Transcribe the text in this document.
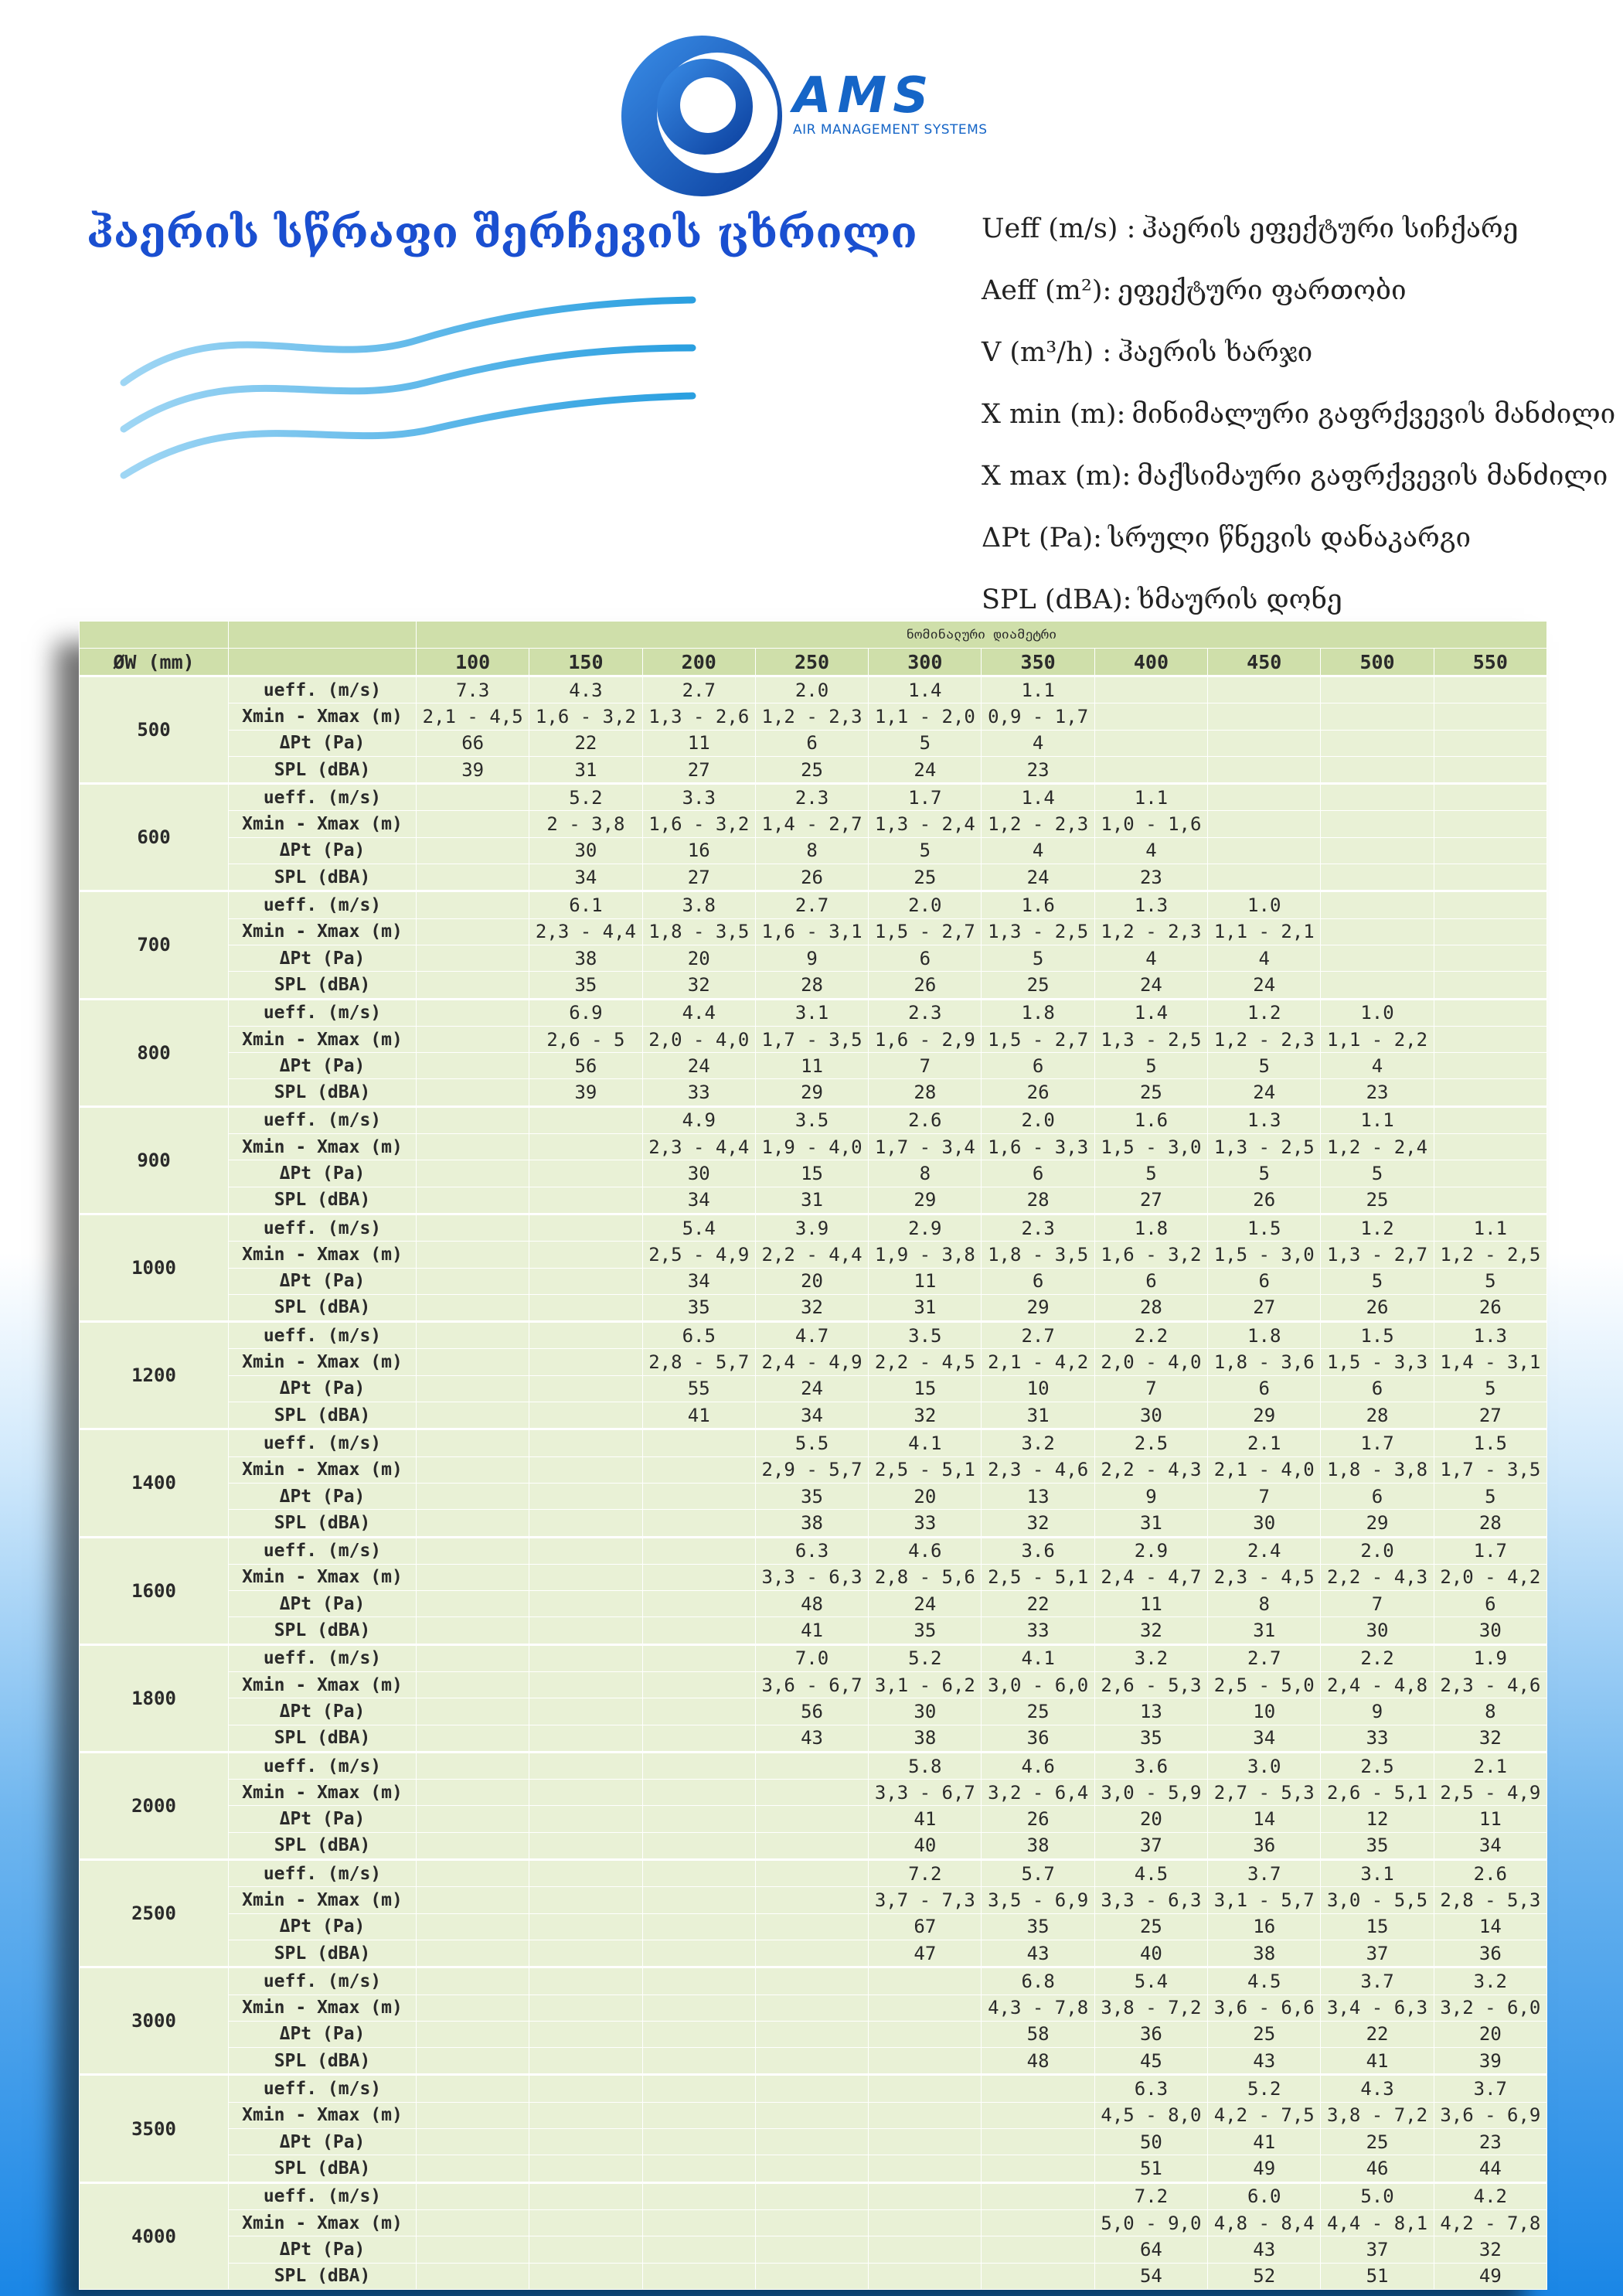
AMS
AIR MANAGEMENT SYSTEMS
ჰაერის სწრაფი შერჩევის ცხრილი Ueff (m/s) : ჰაერის ეფექტური სიჩქარე
Aeff (m²): ეფექტური ფართობი
V (m³/h) : ჰაერის ხარჯი
X min (m): მინიმალური გაფრქვევის მანძილი
X max (m): მაქსიმაური გაფრქვევის მანძილი
ΔPt (Pa): სრული წნევის დანაკარგი
SPL (dBA): ხმაურის დონე
		ნომინალური დიამეტრი									
ØW (mm)		100	150	200	250	300	350	400	450	500	550
500	ueff. (m/s)	7.3	4.3	2.7	2.0	1.4	1.1				
	Xmin - Xmax (m)	2,1 - 4,5	1,6 - 3,2	1,3 - 2,6	1,2 - 2,3	1,1 - 2,0	0,9 - 1,7				
	ΔPt (Pa)	66	22	11	6	5	4				
	SPL (dBA)	39	31	27	25	24	23				
600	ueff. (m/s)		5.2	3.3	2.3	1.7	1.4	1.1			
	Xmin - Xmax (m)		2 - 3,8	1,6 - 3,2	1,4 - 2,7	1,3 - 2,4	1,2 - 2,3	1,0 - 1,6			
	ΔPt (Pa)		30	16	8	5	4	4			
	SPL (dBA)		34	27	26	25	24	23			
700	ueff. (m/s)		6.1	3.8	2.7	2.0	1.6	1.3	1.0		
	Xmin - Xmax (m)		2,3 - 4,4	1,8 - 3,5	1,6 - 3,1	1,5 - 2,7	1,3 - 2,5	1,2 - 2,3	1,1 - 2,1		
	ΔPt (Pa)		38	20	9	6	5	4	4		
	SPL (dBA)		35	32	28	26	25	24	24		
800	ueff. (m/s)		6.9	4.4	3.1	2.3	1.8	1.4	1.2	1.0	
	Xmin - Xmax (m)		2,6 - 5	2,0 - 4,0	1,7 - 3,5	1,6 - 2,9	1,5 - 2,7	1,3 - 2,5	1,2 - 2,3	1,1 - 2,2	
	ΔPt (Pa)		56	24	11	7	6	5	5	4	
	SPL (dBA)		39	33	29	28	26	25	24	23	
900	ueff. (m/s)			4.9	3.5	2.6	2.0	1.6	1.3	1.1	
	Xmin - Xmax (m)			2,3 - 4,4	1,9 - 4,0	1,7 - 3,4	1,6 - 3,3	1,5 - 3,0	1,3 - 2,5	1,2 - 2,4	
	ΔPt (Pa)			30	15	8	6	5	5	5	
	SPL (dBA)			34	31	29	28	27	26	25	
1000	ueff. (m/s)			5.4	3.9	2.9	2.3	1.8	1.5	1.2	1.1
	Xmin - Xmax (m)			2,5 - 4,9	2,2 - 4,4	1,9 - 3,8	1,8 - 3,5	1,6 - 3,2	1,5 - 3,0	1,3 - 2,7	1,2 - 2,5
	ΔPt (Pa)			34	20	11	6	6	6	5	5
	SPL (dBA)			35	32	31	29	28	27	26	26
1200	ueff. (m/s)			6.5	4.7	3.5	2.7	2.2	1.8	1.5	1.3
	Xmin - Xmax (m)			2,8 - 5,7	2,4 - 4,9	2,2 - 4,5	2,1 - 4,2	2,0 - 4,0	1,8 - 3,6	1,5 - 3,3	1,4 - 3,1
	ΔPt (Pa)			55	24	15	10	7	6	6	5
	SPL (dBA)			41	34	32	31	30	29	28	27
1400	ueff. (m/s)				5.5	4.1	3.2	2.5	2.1	1.7	1.5
	Xmin - Xmax (m)				2,9 - 5,7	2,5 - 5,1	2,3 - 4,6	2,2 - 4,3	2,1 - 4,0	1,8 - 3,8	1,7 - 3,5
	ΔPt (Pa)				35	20	13	9	7	6	5
	SPL (dBA)				38	33	32	31	30	29	28
1600	ueff. (m/s)				6.3	4.6	3.6	2.9	2.4	2.0	1.7
	Xmin - Xmax (m)				3,3 - 6,3	2,8 - 5,6	2,5 - 5,1	2,4 - 4,7	2,3 - 4,5	2,2 - 4,3	2,0 - 4,2
	ΔPt (Pa)				48	24	22	11	8	7	6
	SPL (dBA)				41	35	33	32	31	30	30
1800	ueff. (m/s)				7.0	5.2	4.1	3.2	2.7	2.2	1.9
	Xmin - Xmax (m)				3,6 - 6,7	3,1 - 6,2	3,0 - 6,0	2,6 - 5,3	2,5 - 5,0	2,4 - 4,8	2,3 - 4,6
	ΔPt (Pa)				56	30	25	13	10	9	8
	SPL (dBA)				43	38	36	35	34	33	32
2000	ueff. (m/s)					5.8	4.6	3.6	3.0	2.5	2.1
	Xmin - Xmax (m)					3,3 - 6,7	3,2 - 6,4	3,0 - 5,9	2,7 - 5,3	2,6 - 5,1	2,5 - 4,9
	ΔPt (Pa)					41	26	20	14	12	11
	SPL (dBA)					40	38	37	36	35	34
2500	ueff. (m/s)					7.2	5.7	4.5	3.7	3.1	2.6
	Xmin - Xmax (m)					3,7 - 7,3	3,5 - 6,9	3,3 - 6,3	3,1 - 5,7	3,0 - 5,5	2,8 - 5,3
	ΔPt (Pa)					67	35	25	16	15	14
	SPL (dBA)					47	43	40	38	37	36
3000	ueff. (m/s)						6.8	5.4	4.5	3.7	3.2
	Xmin - Xmax (m)						4,3 - 7,8	3,8 - 7,2	3,6 - 6,6	3,4 - 6,3	3,2 - 6,0
	ΔPt (Pa)						58	36	25	22	20
	SPL (dBA)						48	45	43	41	39
3500	ueff. (m/s)							6.3	5.2	4.3	3.7
	Xmin - Xmax (m)							4,5 - 8,0	4,2 - 7,5	3,8 - 7,2	3,6 - 6,9
	ΔPt (Pa)							50	41	25	23
	SPL (dBA)							51	49	46	44
4000	ueff. (m/s)							7.2	6.0	5.0	4.2
	Xmin - Xmax (m)							5,0 - 9,0	4,8 - 8,4	4,4 - 8,1	4,2 - 7,8
	ΔPt (Pa)							64	43	37	32
	SPL (dBA)							54	52	51	49
